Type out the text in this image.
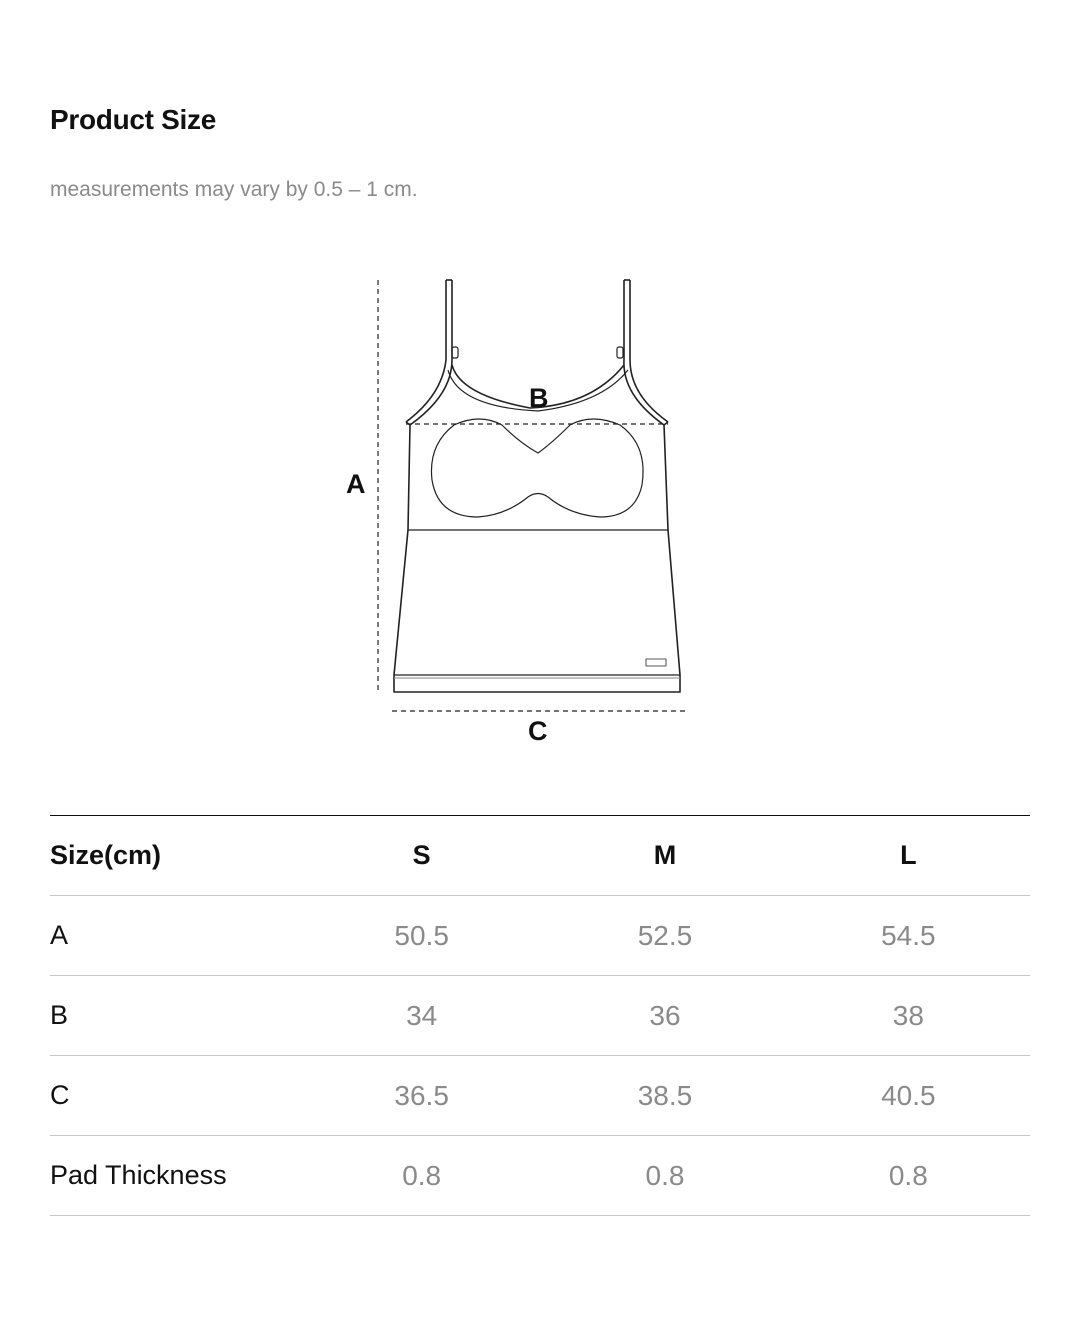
Product Size

measurements may vary by 0.5 – 1 cm.

A
B
C
Size(cm)	S	M	L
A	50.5	52.5	54.5
B	34	36	38
C	36.5	38.5	40.5
Pad Thickness	0.8	0.8	0.8
